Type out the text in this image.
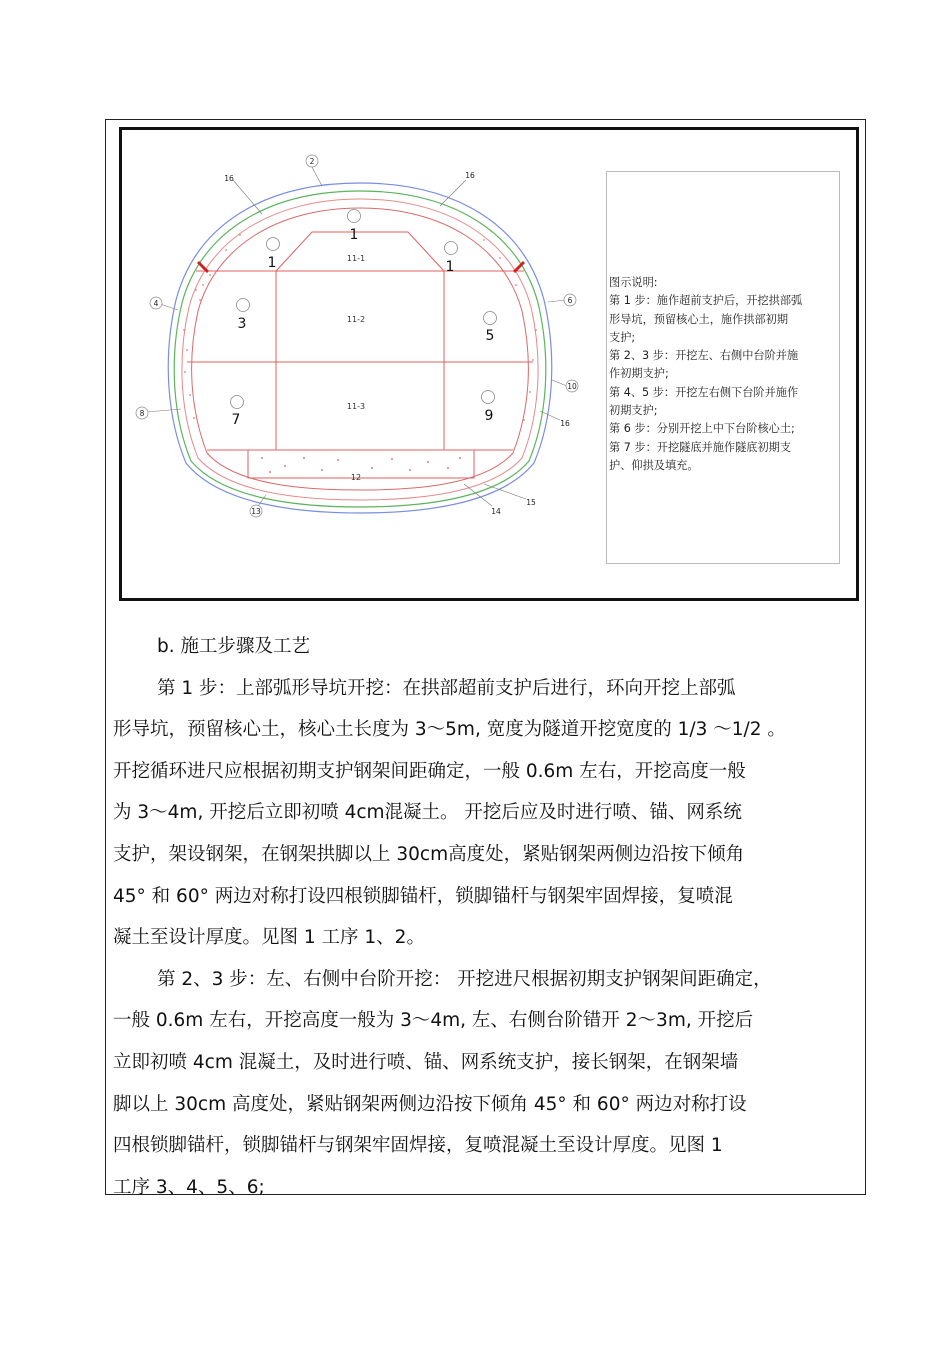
1
1	1
3
5
7	9
11-1
11-2
11-3
12
2
16	16
4	6
10
8
16
13	14
15
图示说明:
第 1 步：施作超前支护后，开挖拱部弧
形导坑，预留核心土，施作拱部初期
支护;
第 2、3 步：开挖左、右侧中台阶并施
作初期支护;
第 4、5 步：开挖左右侧下台阶并施作
初期支护;
第 6 步：分别开挖上中下台阶核心土;
第 7 步：开挖隧底并施作隧底初期支
护、仰拱及填充。
b. 施工步骤及工艺
第 1 步：上部弧形导坑开挖：在拱部超前支护后进行，环向开挖上部弧
形导坑，预留核心土，核心土长度为 3～5m, 宽度为隧道开挖宽度的 1/3 ～1/2 。
开挖循环进尺应根据初期支护钢架间距确定，一般 0.6m 左右，开挖高度一般
为 3～4m, 开挖后立即初喷 4cm混凝土。 开挖后应及时进行喷、锚、网系统
支护，架设钢架，在钢架拱脚以上 30cm高度处，紧贴钢架两侧边沿按下倾角
45° 和 60° 两边对称打设四根锁脚锚杆，锁脚锚杆与钢架牢固焊接，复喷混
凝土至设计厚度。见图 1 工序 1、2。
第 2、3 步：左、右侧中台阶开挖： 开挖进尺根据初期支护钢架间距确定，
一般 0.6m 左右，开挖高度一般为 3～4m, 左、右侧台阶错开 2～3m, 开挖后
立即初喷 4cm 混凝土，及时进行喷、锚、网系统支护，接长钢架，在钢架墙
脚以上 30cm 高度处，紧贴钢架两侧边沿按下倾角 45° 和 60° 两边对称打设
四根锁脚锚杆，锁脚锚杆与钢架牢固焊接，复喷混凝土至设计厚度。见图 1
工序 3、4、5、6;
